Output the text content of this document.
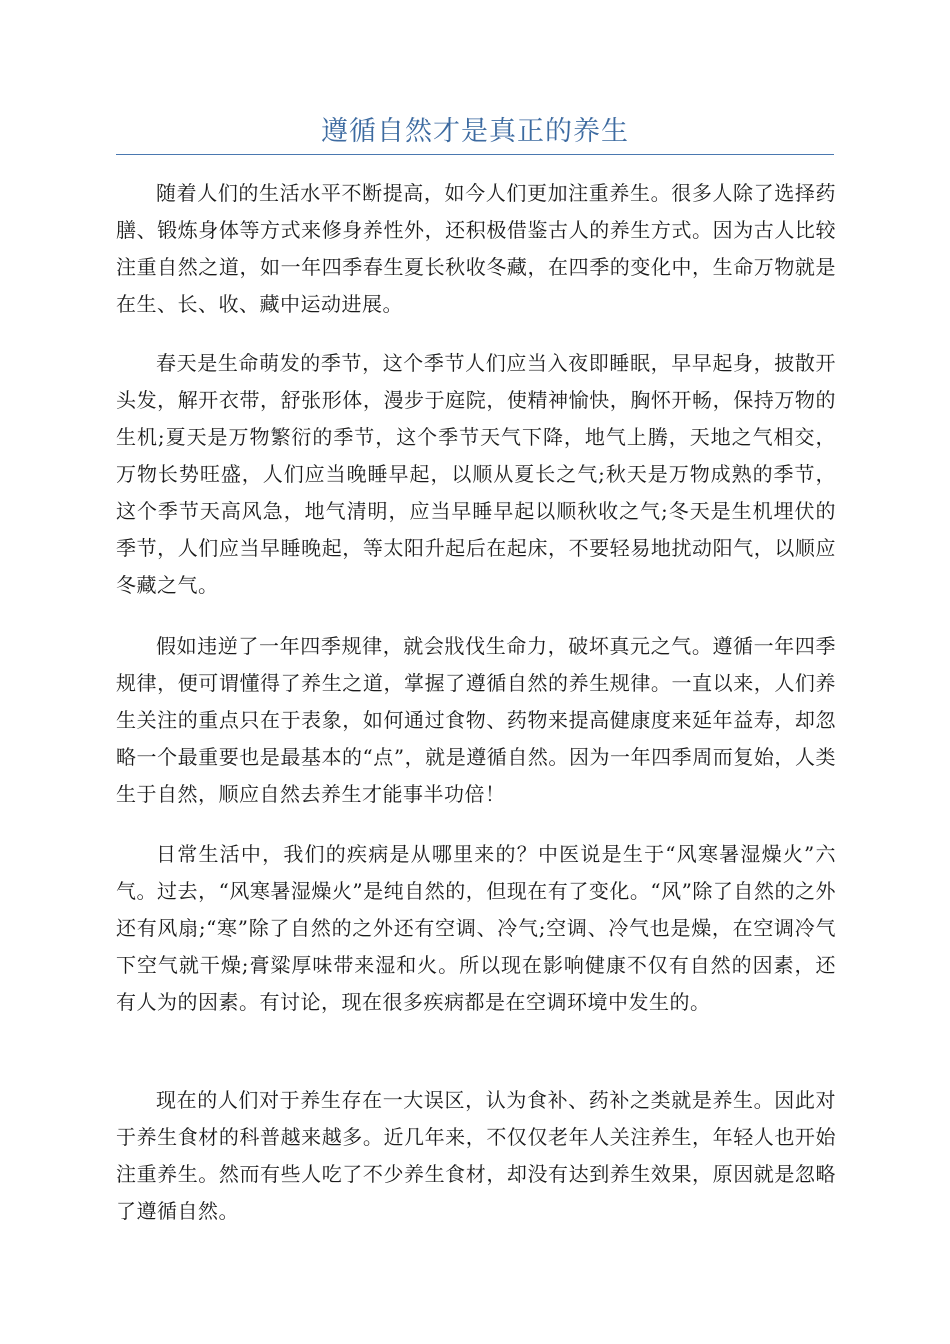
遵循自然才是真正的养生

随着人们的生活水平不断提高，如今人们更加注重养生。很多人除了选择药膳、锻炼身体等方式来修身养性外，还积极借鉴古人的养生方式。因为古人比较注重自然之道，如一年四季春生夏长秋收冬藏，在四季的变化中，生命万物就是在生、长、收、藏中运动进展。

春天是生命萌发的季节，这个季节人们应当入夜即睡眠，早早起身，披散开头发，解开衣带，舒张形体，漫步于庭院，使精神愉快，胸怀开畅，保持万物的生机;夏天是万物繁衍的季节，这个季节天气下降，地气上腾，天地之气相交，万物长势旺盛，人们应当晚睡早起，以顺从夏长之气;秋天是万物成熟的季节，这个季节天高风急，地气清明，应当早睡早起以顺秋收之气;冬天是生机埋伏的季节，人们应当早睡晚起，等太阳升起后在起床，不要轻易地扰动阳气，以顺应冬藏之气。

假如违逆了一年四季规律，就会戕伐生命力，破坏真元之气。遵循一年四季规律，便可谓懂得了养生之道，掌握了遵循自然的养生规律。一直以来，人们养生关注的重点只在于表象，如何通过食物、药物来提高健康度来延年益寿，却忽略一个最重要也是最基本的“点”，就是遵循自然。因为一年四季周而复始，人类生于自然，顺应自然去养生才能事半功倍！

日常生活中，我们的疾病是从哪里来的？中医说是生于“风寒暑湿燥火”六气。过去，“风寒暑湿燥火”是纯自然的，但现在有了变化。“风”除了自然的之外还有风扇;“寒”除了自然的之外还有空调、冷气;空调、冷气也是燥，在空调冷气下空气就干燥;膏粱厚味带来湿和火。所以现在影响健康不仅有自然的因素，还有人为的因素。有讨论，现在很多疾病都是在空调环境中发生的。

现在的人们对于养生存在一大误区，认为食补、药补之类就是养生。因此对于养生食材的科普越来越多。近几年来，不仅仅老年人关注养生，年轻人也开始注重养生。然而有些人吃了不少养生食材，却没有达到养生效果，原因就是忽略了遵循自然。
